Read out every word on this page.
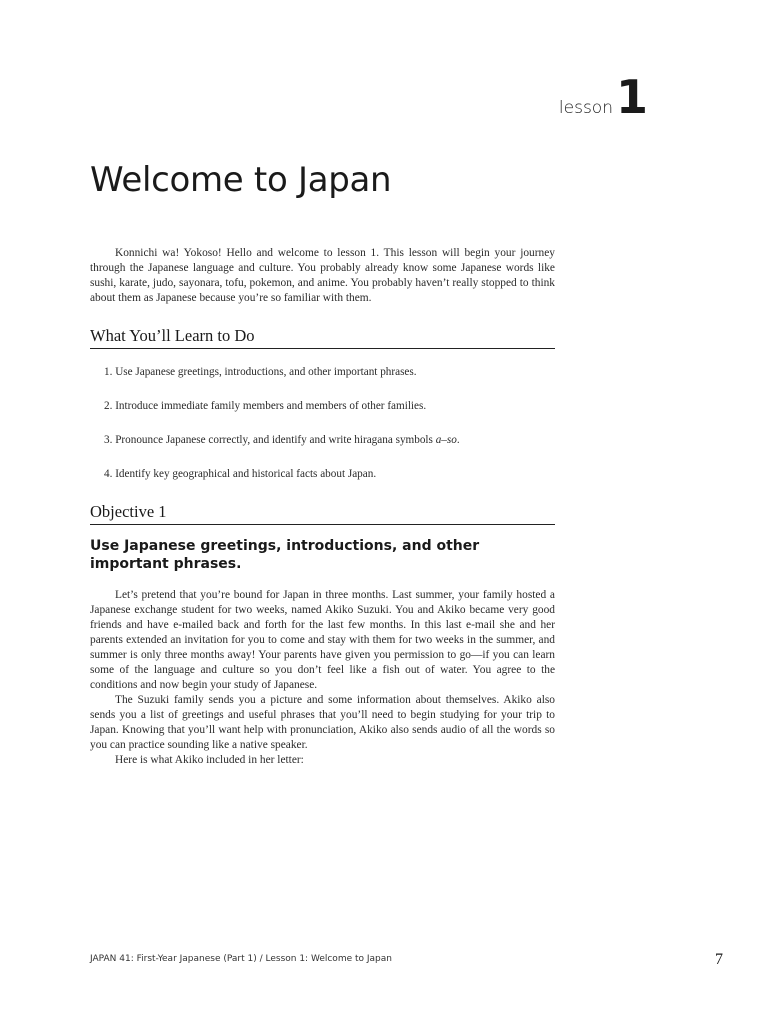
lesson1
Welcome to Japan

Konnichi wa! Yokoso! Hello and welcome to lesson 1. This lesson will begin your journey through the Japanese language and culture. You probably already know some Japanese words like sushi, karate, judo, sayonara, tofu, pokemon, and anime. You probably haven’t really stopped to think about them as Japanese because you’re so familiar with them.

What You’ll Learn to Do
1. Use Japanese greetings, introductions, and other important phrases.
2. Introduce immediate family members and members of other families.
3. Pronounce Japanese correctly, and identify and write hiragana symbols a–so.
4. Identify key geographical and historical facts about Japan.
Objective 1
Use Japanese greetings, introductions, and other important phrases.

Let’s pretend that you’re bound for Japan in three months. Last summer, your family hosted a Japanese exchange student for two weeks, named Akiko Suzuki. You and Akiko became very good friends and have e-mailed back and forth for the last few months. In this last e-mail she and her parents extended an invitation for you to come and stay with them for two weeks in the summer, and summer is only three months away! Your parents have given you permission to go—if you can learn some of the language and culture so you don’t feel like a fish out of water. You agree to the conditions and now begin your study of Japanese.

The Suzuki family sends you a picture and some information about themselves. Akiko also sends you a list of greetings and useful phrases that you’ll need to begin studying for your trip to Japan. Knowing that you’ll want help with pronunciation, Akiko also sends audio of all the words so you can practice sounding like a native speaker.

Here is what Akiko included in her letter:

JAPAN 41: First-Year Japanese (Part 1) / Lesson 1: Welcome to Japan	7
